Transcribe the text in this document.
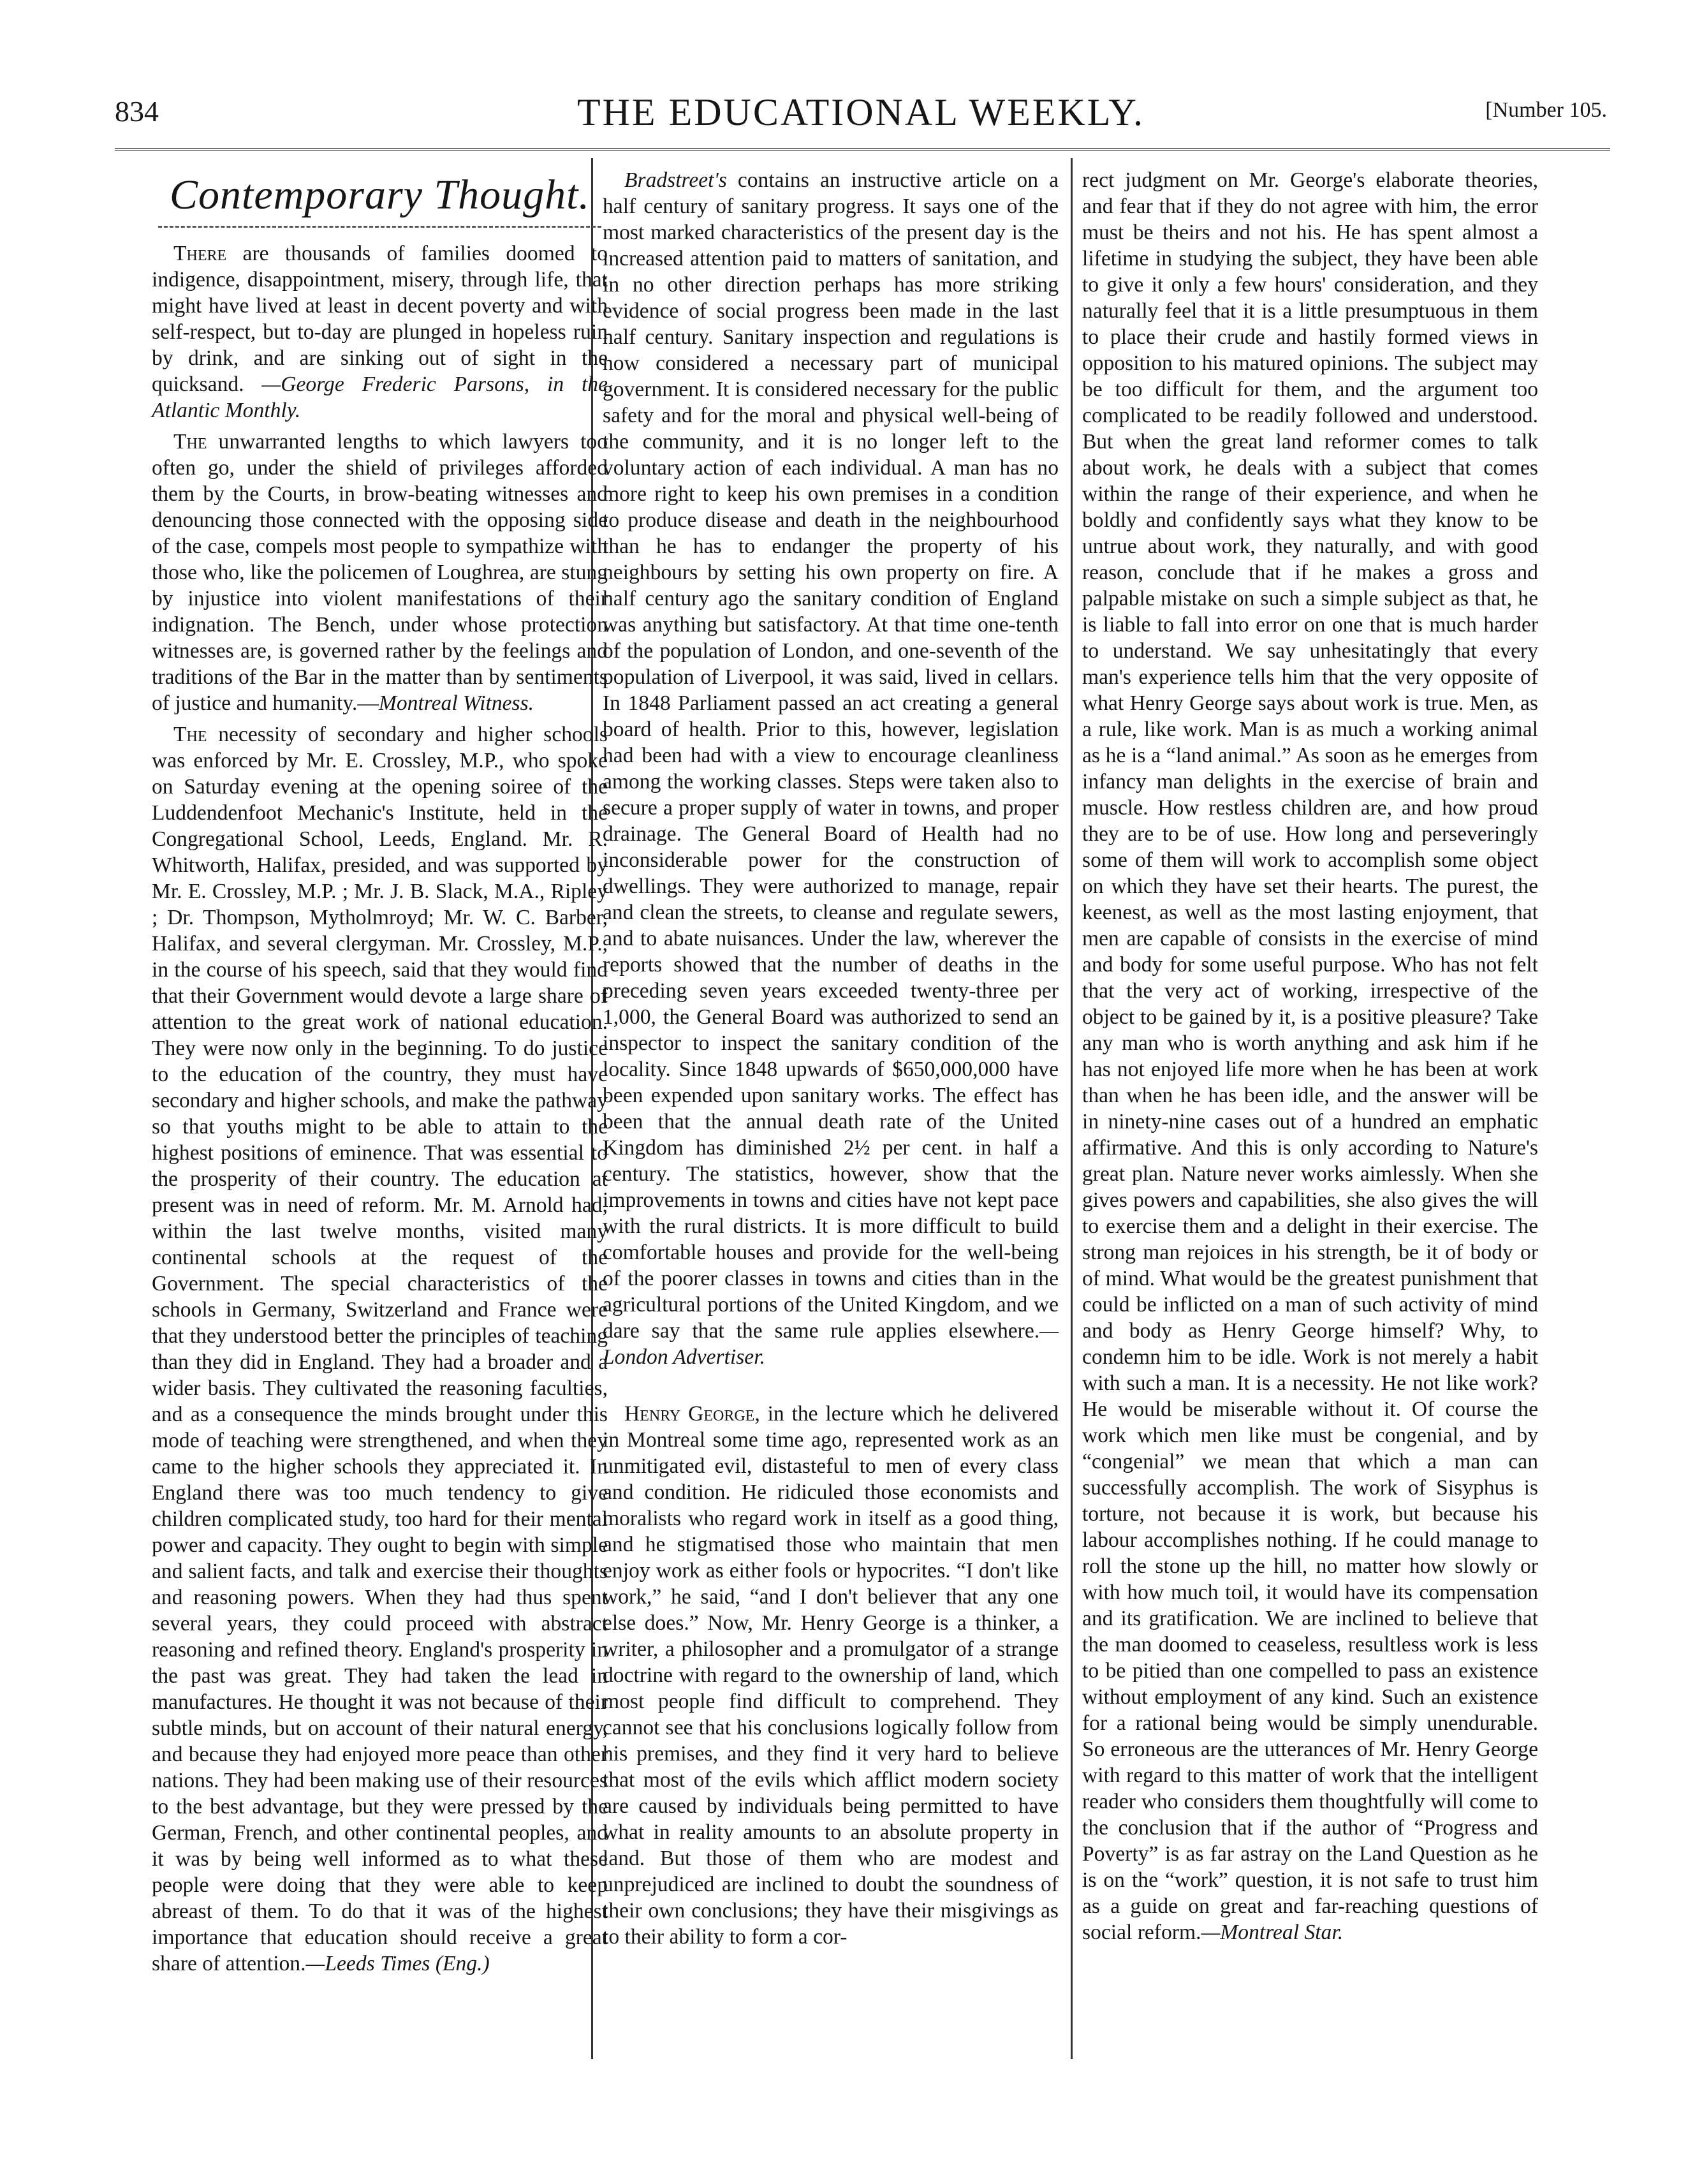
834	THE EDUCATIONAL WEEKLY.	[Number 105.
Contemporary Thought.

There are thousands of families doomed to indigence, disappointment, misery, through life, that might have lived at least in decent poverty and with self-respect, but to-day are plunged in hopeless ruin by drink, and are sinking out of sight in the quicksand. —George Frederic Parsons, in the Atlantic Monthly.

The unwarranted lengths to which lawyers too often go, under the shield of privileges afforded them by the Courts, in brow-beating witnesses and denouncing those connected with the opposing side of the case, compels most people to sympathize with those who, like the policemen of Loughrea, are stung by injustice into violent manifestations of their indignation. The Bench, under whose protection witnesses are, is governed rather by the feelings and traditions of the Bar in the matter than by sentiments of justice and humanity.—Montreal Witness.

The necessity of secondary and higher schools was enforced by Mr. E. Crossley, M.P., who spoke on Saturday evening at the opening soiree of the Luddendenfoot Mechanic's Institute, held in the Congregational School, Leeds, England. Mr. R. Whitworth, Halifax, presided, and was supported by Mr. E. Crossley, M.P. ; Mr. J. B. Slack, M.A., Ripley ; Dr. Thompson, Mytholmroyd; Mr. W. C. Barber, Halifax, and several clergyman. Mr. Crossley, M.P., in the course of his speech, said that they would find that their Government would devote a large share of attention to the great work of national education. They were now only in the beginning. To do justice to the education of the country, they must have secondary and higher schools, and make the pathway so that youths might to be able to attain to the highest positions of eminence. That was essential to the prosperity of their country. The education at present was in need of reform. Mr. M. Arnold had, within the last twelve months, visited many continental schools at the request of the Government. The special characteristics of the schools in Germany, Switzerland and France were that they understood better the principles of teaching than they did in England. They had a broader and a wider basis. They cultivated the reasoning faculties, and as a consequence the minds brought under this mode of teaching were strengthened, and when they came to the higher schools they appreciated it. In England there was too much tendency to give children complicated study, too hard for their mental power and capacity. They ought to begin with simple and salient facts, and talk and exercise their thoughts and reasoning powers. When they had thus spent several years, they could proceed with abstract reasoning and refined theory. England's prosperity in the past was great. They had taken the lead in manufactures. He thought it was not because of their subtle minds, but on account of their natural energy, and because they had enjoyed more peace than other nations. They had been making use of their resources to the best advantage, but they were pressed by the German, French, and other continental peoples, and it was by being well informed as to what these people were doing that they were able to keep abreast of them. To do that it was of the highest importance that education should receive a great share of attention.—Leeds Times (Eng.)

Bradstreet's contains an instructive article on a half century of sanitary progress. It says one of the most marked characteristics of the present day is the increased attention paid to matters of sanitation, and in no other direction perhaps has more striking evidence of social progress been made in the last half century. Sanitary inspection and regulations is now considered a necessary part of municipal government. It is considered necessary for the public safety and for the moral and physical well-being of the community, and it is no longer left to the voluntary action of each individual. A man has no more right to keep his own premises in a condition to produce disease and death in the neighbourhood than he has to endanger the property of his neighbours by setting his own property on fire. A half century ago the sanitary condition of England was anything but satisfactory. At that time one-tenth of the population of London, and one-seventh of the population of Liverpool, it was said, lived in cellars. In 1848 Parliament passed an act creating a general board of health. Prior to this, however, legislation had been had with a view to encourage cleanliness among the working classes. Steps were taken also to secure a proper supply of water in towns, and proper drainage. The General Board of Health had no inconsiderable power for the construction of dwellings. They were authorized to manage, repair and clean the streets, to cleanse and regulate sewers, and to abate nuisances. Under the law, wherever the reports showed that the number of deaths in the preceding seven years exceeded twenty-three per 1,000, the General Board was authorized to send an inspector to inspect the sanitary condition of the locality. Since 1848 upwards of $650,000,000 have been expended upon sanitary works. The effect has been that the annual death rate of the United Kingdom has diminished 2½ per cent. in half a century. The statistics, however, show that the improvements in towns and cities have not kept pace with the rural districts. It is more difficult to build comfortable houses and provide for the well-being of the poorer classes in towns and cities than in the agricultural portions of the United Kingdom, and we dare say that the same rule applies elsewhere.—London Advertiser.

Henry George, in the lecture which he delivered in Montreal some time ago, represented work as an unmitigated evil, distasteful to men of every class and condition. He ridiculed those economists and moralists who regard work in itself as a good thing, and he stigmatised those who maintain that men enjoy work as either fools or hypocrites. “I don't like work,” he said, “and I don't believer that any one else does.” Now, Mr. Henry George is a thinker, a writer, a philosopher and a promulgator of a strange doctrine with regard to the ownership of land, which most people find difficult to comprehend. They cannot see that his conclusions logically follow from his premises, and they find it very hard to believe that most of the evils which afflict modern society are caused by individuals being permitted to have what in reality amounts to an absolute property in land. But those of them who are modest and unprejudiced are inclined to doubt the soundness of their own conclusions; they have their misgivings as to their ability to form a cor-

rect judgment on Mr. George's elaborate theories, and fear that if they do not agree with him, the error must be theirs and not his. He has spent almost a lifetime in studying the subject, they have been able to give it only a few hours' consideration, and they naturally feel that it is a little presumptuous in them to place their crude and hastily formed views in opposition to his matured opinions. The subject may be too difficult for them, and the argument too complicated to be readily followed and understood. But when the great land reformer comes to talk about work, he deals with a subject that comes within the range of their experience, and when he boldly and confidently says what they know to be untrue about work, they naturally, and with good reason, conclude that if he makes a gross and palpable mistake on such a simple subject as that, he is liable to fall into error on one that is much harder to understand. We say unhesitatingly that every man's experience tells him that the very opposite of what Henry George says about work is true. Men, as a rule, like work. Man is as much a working animal as he is a “land animal.” As soon as he emerges from infancy man delights in the exercise of brain and muscle. How restless children are, and how proud they are to be of use. How long and perseveringly some of them will work to accomplish some object on which they have set their hearts. The purest, the keenest, as well as the most lasting enjoyment, that men are capable of consists in the exercise of mind and body for some useful purpose. Who has not felt that the very act of working, irrespective of the object to be gained by it, is a positive pleasure? Take any man who is worth anything and ask him if he has not enjoyed life more when he has been at work than when he has been idle, and the answer will be in ninety-nine cases out of a hundred an emphatic affirmative. And this is only according to Nature's great plan. Nature never works aimlessly. When she gives powers and capabilities, she also gives the will to exercise them and a delight in their exercise. The strong man rejoices in his strength, be it of body or of mind. What would be the greatest punishment that could be inflicted on a man of such activity of mind and body as Henry George himself? Why, to condemn him to be idle. Work is not merely a habit with such a man. It is a necessity. He not like work? He would be miserable without it. Of course the work which men like must be congenial, and by “congenial” we mean that which a man can successfully accomplish. The work of Sisyphus is torture, not because it is work, but because his labour accomplishes nothing. If he could manage to roll the stone up the hill, no matter how slowly or with how much toil, it would have its compensation and its gratification. We are inclined to believe that the man doomed to ceaseless, resultless work is less to be pitied than one compelled to pass an existence without employment of any kind. Such an existence for a rational being would be simply unendurable. So erroneous are the utterances of Mr. Henry George with regard to this matter of work that the intelligent reader who considers them thoughtfully will come to the conclusion that if the author of “Progress and Poverty” is as far astray on the Land Question as he is on the “work” question, it is not safe to trust him as a guide on great and far-reaching questions of social reform.—Montreal Star.
